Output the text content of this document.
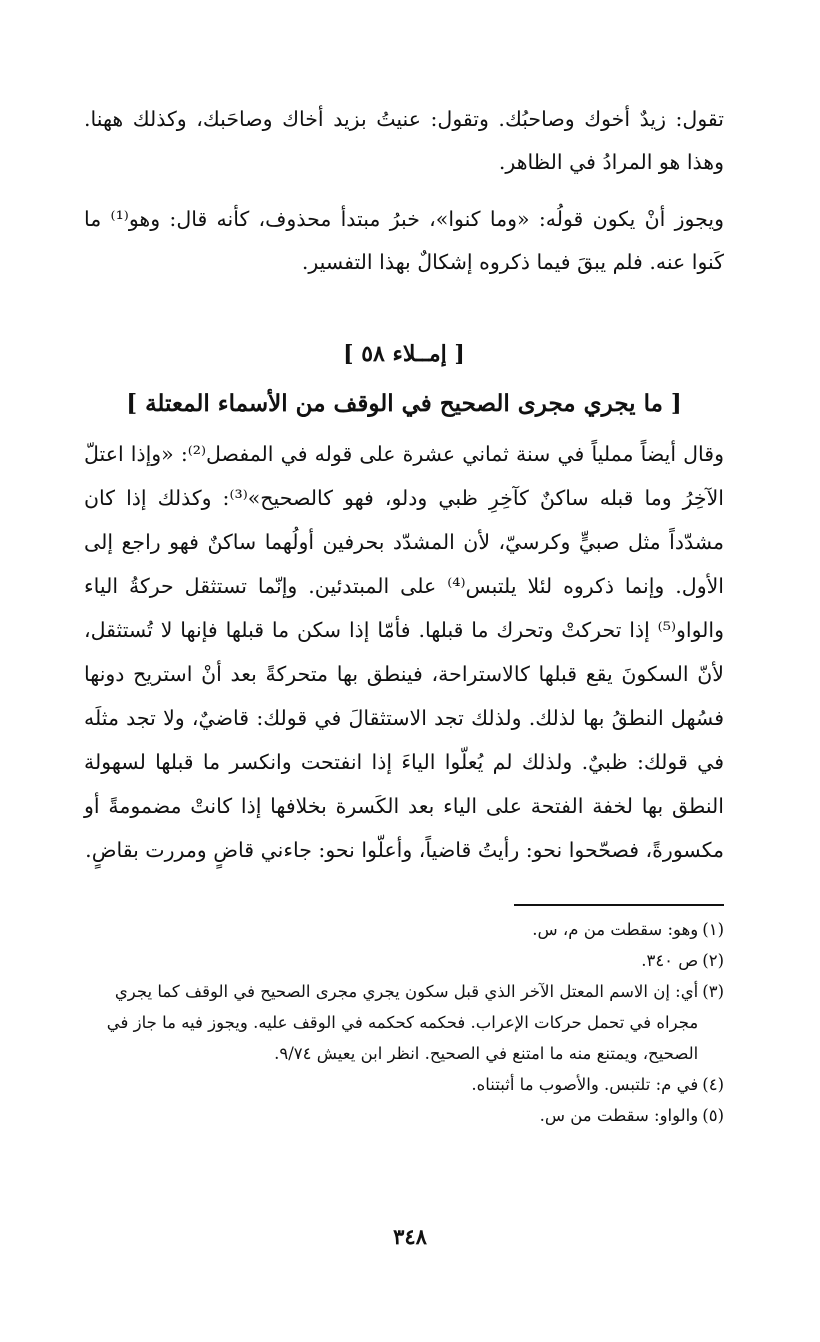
تقول: زيدٌ أخوك وصاحبُك. وتقول: عنيتُ بزيد أخاك وصاحَبك، وكذلك ههنا. وهذا هو المرادُ في الظاهر.

ويجوز أنْ يكون قولُه: «وما كنوا»، خبرُ مبتدأ محذوف، كأنه قال: وهو⁽¹⁾ ما كَنوا عنه. فلم يبقَ فيما ذكروه إشكالٌ بهذا التفسير.

[ إمــلاء ٥٨ ]
[ ما يجري مجرى الصحيح في الوقف من الأسماء المعتلة ]

وقال أيضاً مملياً في سنة ثماني عشرة على قوله في المفصل⁽²⁾: «وإذا اعتلّ الآخِرُ وما قبله ساكنٌ كآخِرِ ظبي ودلو، فهو كالصحيح»⁽³⁾: وكذلك إذا كان مشدّداً مثل صبيٍّ وكرسيّ، لأن المشدّد بحرفين أولُهما ساكنٌ فهو راجع إلى الأول. وإنما ذكروه لئلا يلتبس⁽⁴⁾ على المبتدئين. وإنّما تستثقل حركةُ الياء والواو⁽⁵⁾ إذا تحركتْ وتحرك ما قبلها. فأمّا إذا سكن ما قبلها فإنها لا تُستثقل، لأنّ السكونَ يقع قبلها كالاستراحة، فينطق بها متحركةً بعد أنْ استريح دونها فسُهل النطقُ بها لذلك. ولذلك تجد الاستثقالَ في قولك: قاضيٌ، ولا تجد مثلَه في قولك: ظبيٌ. ولذلك لم يُعلّوا الياءَ إذا انفتحت وانكسر ما قبلها لسهولة النطق بها لخفة الفتحة على الياء بعد الكَسرة بخلافها إذا كانتْ مضمومةً أو مكسورةً، فصحّحوا نحو: رأيتُ قاضياً، وأعلّوا نحو: جاءني قاضٍ ومررت بقاضٍ.

(١)
وهو: سقطت من م، س.
(٢)
ص ٣٤٠.
(٣)
أي: إن الاسم المعتل الآخر الذي قبل سكون يجري مجرى الصحيح في الوقف كما يجري مجراه في تحمل حركات الإعراب. فحكمه كحكمه في الوقف عليه. ويجوز فيه ما جاز في الصحيح، ويمتنع منه ما امتنع في الصحيح. انظر ابن يعيش ٩/٧٤.
(٤)
في م: تلتبس. والأصوب ما أثبتناه.
(٥)
والواو: سقطت من س.
٣٤٨
